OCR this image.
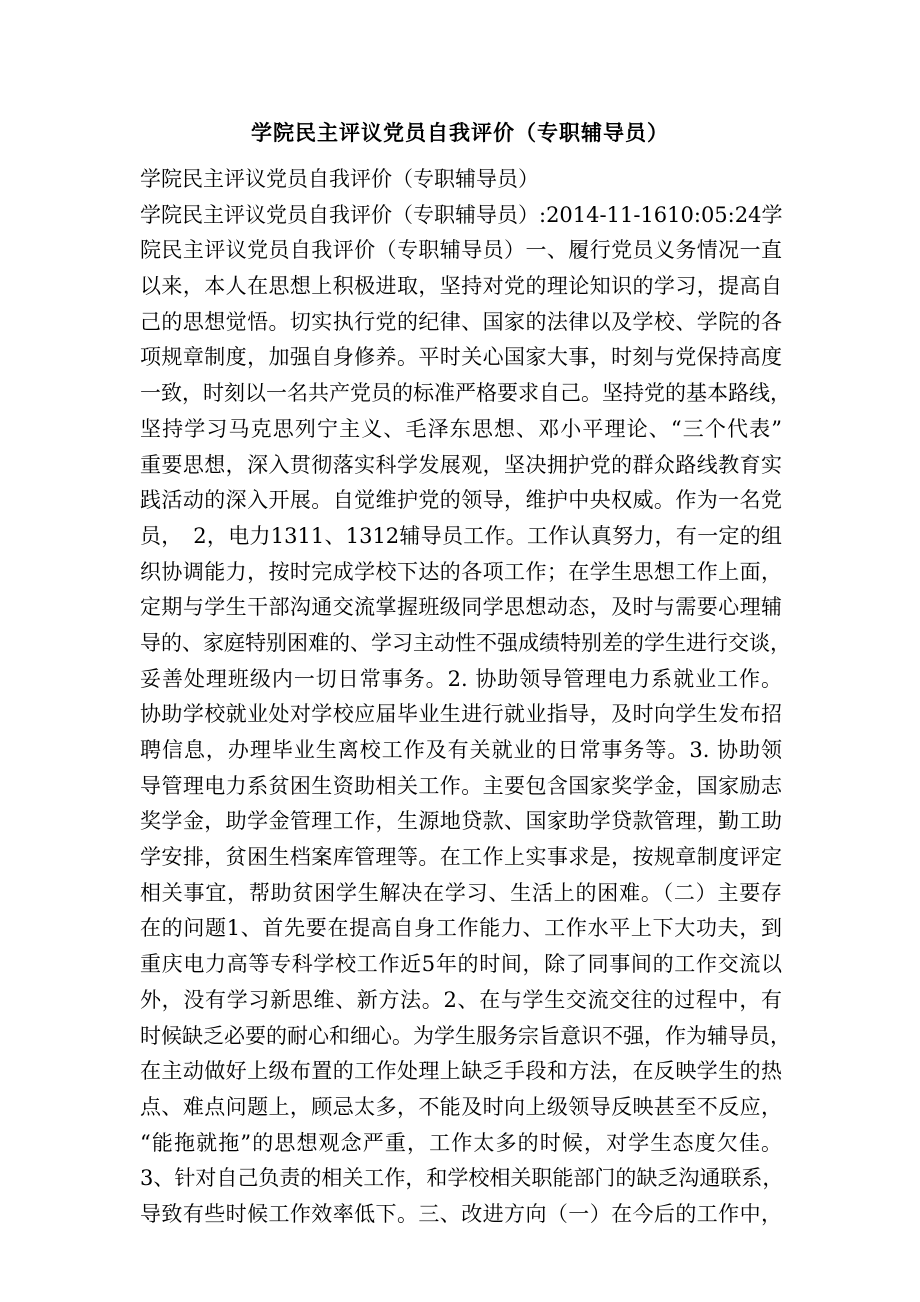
学院民主评议党员自我评价（专职辅导员）
学院民主评议党员自我评价（专职辅导员）
学院民主评议党员自我评价（专职辅导员）:2014-11-1610:05:24学
院民主评议党员自我评价（专职辅导员）一、履行党员义务情况一直
以来，本人在思想上积极进取，坚持对党的理论知识的学习，提高自
己的思想觉悟。切实执行党的纪律、国家的法律以及学校、学院的各
项规章制度，加强自身修养。平时关心国家大事，时刻与党保持高度
一致，时刻以一名共产党员的标准严格要求自己。坚持党的基本路线，
坚持学习马克思列宁主义、毛泽东思想、邓小平理论、“三个代表”
重要思想，深入贯彻落实科学发展观，坚决拥护党的群众路线教育实
践活动的深入开展。自觉维护党的领导，维护中央权威。作为一名党
员，　2，电力1311、1312辅导员工作。工作认真努力，有一定的组
织协调能力，按时完成学校下达的各项工作；在学生思想工作上面，
定期与学生干部沟通交流掌握班级同学思想动态，及时与需要心理辅
导的、家庭特别困难的、学习主动性不强成绩特别差的学生进行交谈，
妥善处理班级内一切日常事务。2. 协助领导管理电力系就业工作。
协助学校就业处对学校应届毕业生进行就业指导，及时向学生发布招
聘信息，办理毕业生离校工作及有关就业的日常事务等。3. 协助领
导管理电力系贫困生资助相关工作。主要包含国家奖学金，国家励志
奖学金，助学金管理工作，生源地贷款、国家助学贷款管理，勤工助
学安排，贫困生档案库管理等。在工作上实事求是，按规章制度评定
相关事宜，帮助贫困学生解决在学习、生活上的困难。（二）主要存
在的问题1、首先要在提高自身工作能力、工作水平上下大功夫，到
重庆电力高等专科学校工作近5年的时间，除了同事间的工作交流以
外，没有学习新思维、新方法。2、在与学生交流交往的过程中，有
时候缺乏必要的耐心和细心。为学生服务宗旨意识不强，作为辅导员，
在主动做好上级布置的工作处理上缺乏手段和方法，在反映学生的热
点、难点问题上，顾忌太多，不能及时向上级领导反映甚至不反应，
“能拖就拖”的思想观念严重，工作太多的时候，对学生态度欠佳。
3、针对自己负责的相关工作，和学校相关职能部门的缺乏沟通联系，
导致有些时候工作效率低下。三、改进方向（一）在今后的工作中，
